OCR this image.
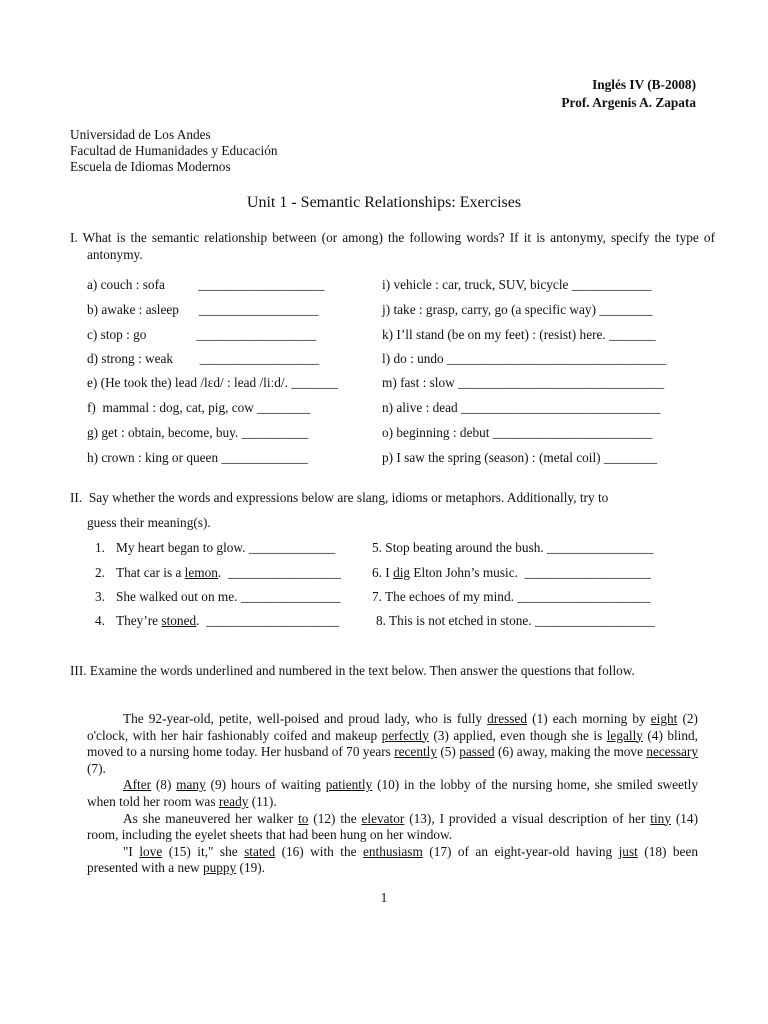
Inglés IV (B-2008)
Prof. Argenis A. Zapata
Universidad de Los Andes
Facultad de Humanidades y Educación
Escuela de Idiomas Modernos
Unit 1 - Semantic Relationships: Exercises
I. What is the semantic relationship between (or among) the following words? If it is antonymy, specify the type of antonymy.
a) couch : sofa          ___________________
b) awake : asleep      __________________
c) stop : go               __________________
d) strong : weak        __________________
e) (He took the) lead /lɛd/ : lead /liːd/. _______
f)  mammal : dog, cat, pig, cow ________
g) get : obtain, become, buy. __________
h) crown : king or queen _____________
i) vehicle : car, truck, SUV, bicycle ____________
j) take : grasp, carry, go (a specific way) ________
k) I’ll stand (be on my feet) : (resist) here. _______
l) do : undo _________________________________
m) fast : slow _______________________________
n) alive : dead ______________________________
o) beginning : debut ________________________
p) I saw the spring (season) : (metal coil) ________
II.  Say whether the words and expressions below are slang, idioms or metaphors. Additionally, try to
guess their meaning(s).
1. My heart began to glow. _____________	5. Stop beating around the bush. ________________
2. That car is a lemon.  _________________ 6. I dig Elton John’s music.  ___________________
3. She walked out on me. _______________ 7. The echoes of my mind. ____________________
4. They’re stoned.  ____________________	8. This is not etched in stone. __________________
III. Examine the words underlined and numbered in the text below. Then answer the questions that follow.

The 92-year-old, petite, well-poised and proud lady, who is fully dressed (1) each morning by eight (2) o'clock, with her hair fashionably coifed and makeup perfectly (3) applied, even though she is legally (4) blind, moved to a nursing home today. Her husband of 70 years recently (5) passed (6) away, making the move necessary (7).

After (8) many (9) hours of waiting patiently (10) in the lobby of the nursing home, she smiled sweetly when told her room was ready (11).

As she maneuvered her walker to (12) the elevator (13), I provided a visual description of her tiny (14) room, including the eyelet sheets that had been hung on her window.

"I love (15) it," she stated (16) with the enthusiasm (17) of an eight-year-old having just (18) been presented with a new puppy (19).

1
